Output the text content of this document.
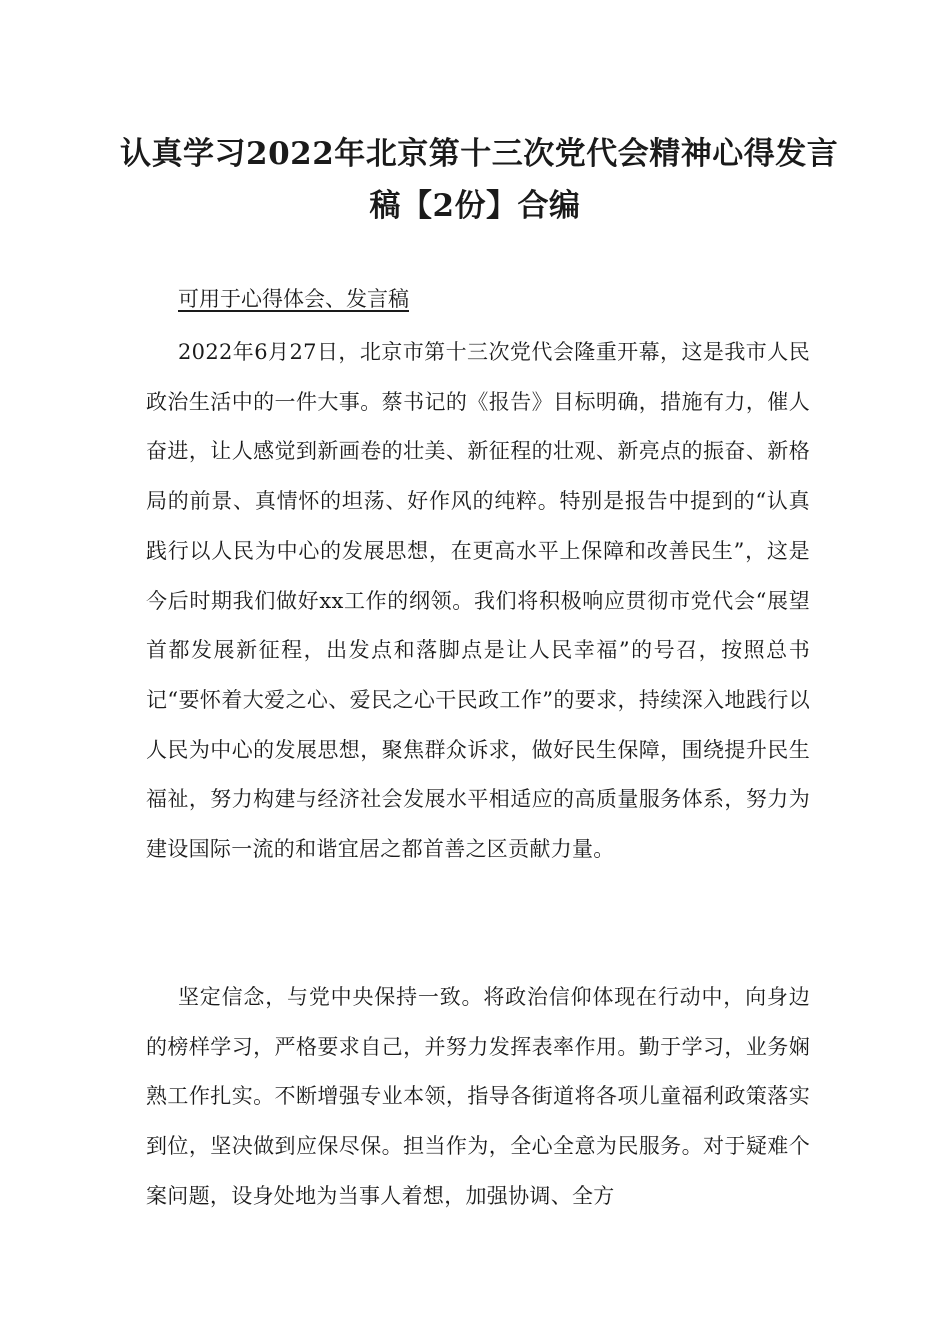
认真学习2022年北京第十三次党代会精神心得发言
稿【2份】合编
可用于心得体会、发言稿
2022年6月27日，北京市第十三次党代会隆重开幕，这是我市人民政治生活中的一件大事。蔡书记的《报告》目标明确，措施有力，催人奋进，让人感觉到新画卷的壮美、新征程的壮观、新亮点的振奋、新格局的前景、真情怀的坦荡、好作风的纯粹。特别是报告中提到的“认真践行以人民为中心的发展思想，在更高水平上保障和改善民生”，这是今后时期我们做好xx工作的纲领。我们将积极响应贯彻市党代会“展望首都发展新征程，出发点和落脚点是让人民幸福”的号召，按照总书记“要怀着大爱之心、爱民之心干民政工作”的要求，持续深入地践行以人民为中心的发展思想，聚焦群众诉求，做好民生保障，围绕提升民生福祉，努力构建与经济社会发展水平相适应的高质量服务体系，努力为建设国际一流的和谐宜居之都首善之区贡献力量。
坚定信念，与党中央保持一致。将政治信仰体现在行动中，向身边的榜样学习，严格要求自己，并努力发挥表率作用。勤于学习，业务娴熟工作扎实。不断增强专业本领，指导各街道将各项儿童福利政策落实到位，坚决做到应保尽保。担当作为，全心全意为民服务。对于疑难个案问题，设身处地为当事人着想，加强协调、全方
